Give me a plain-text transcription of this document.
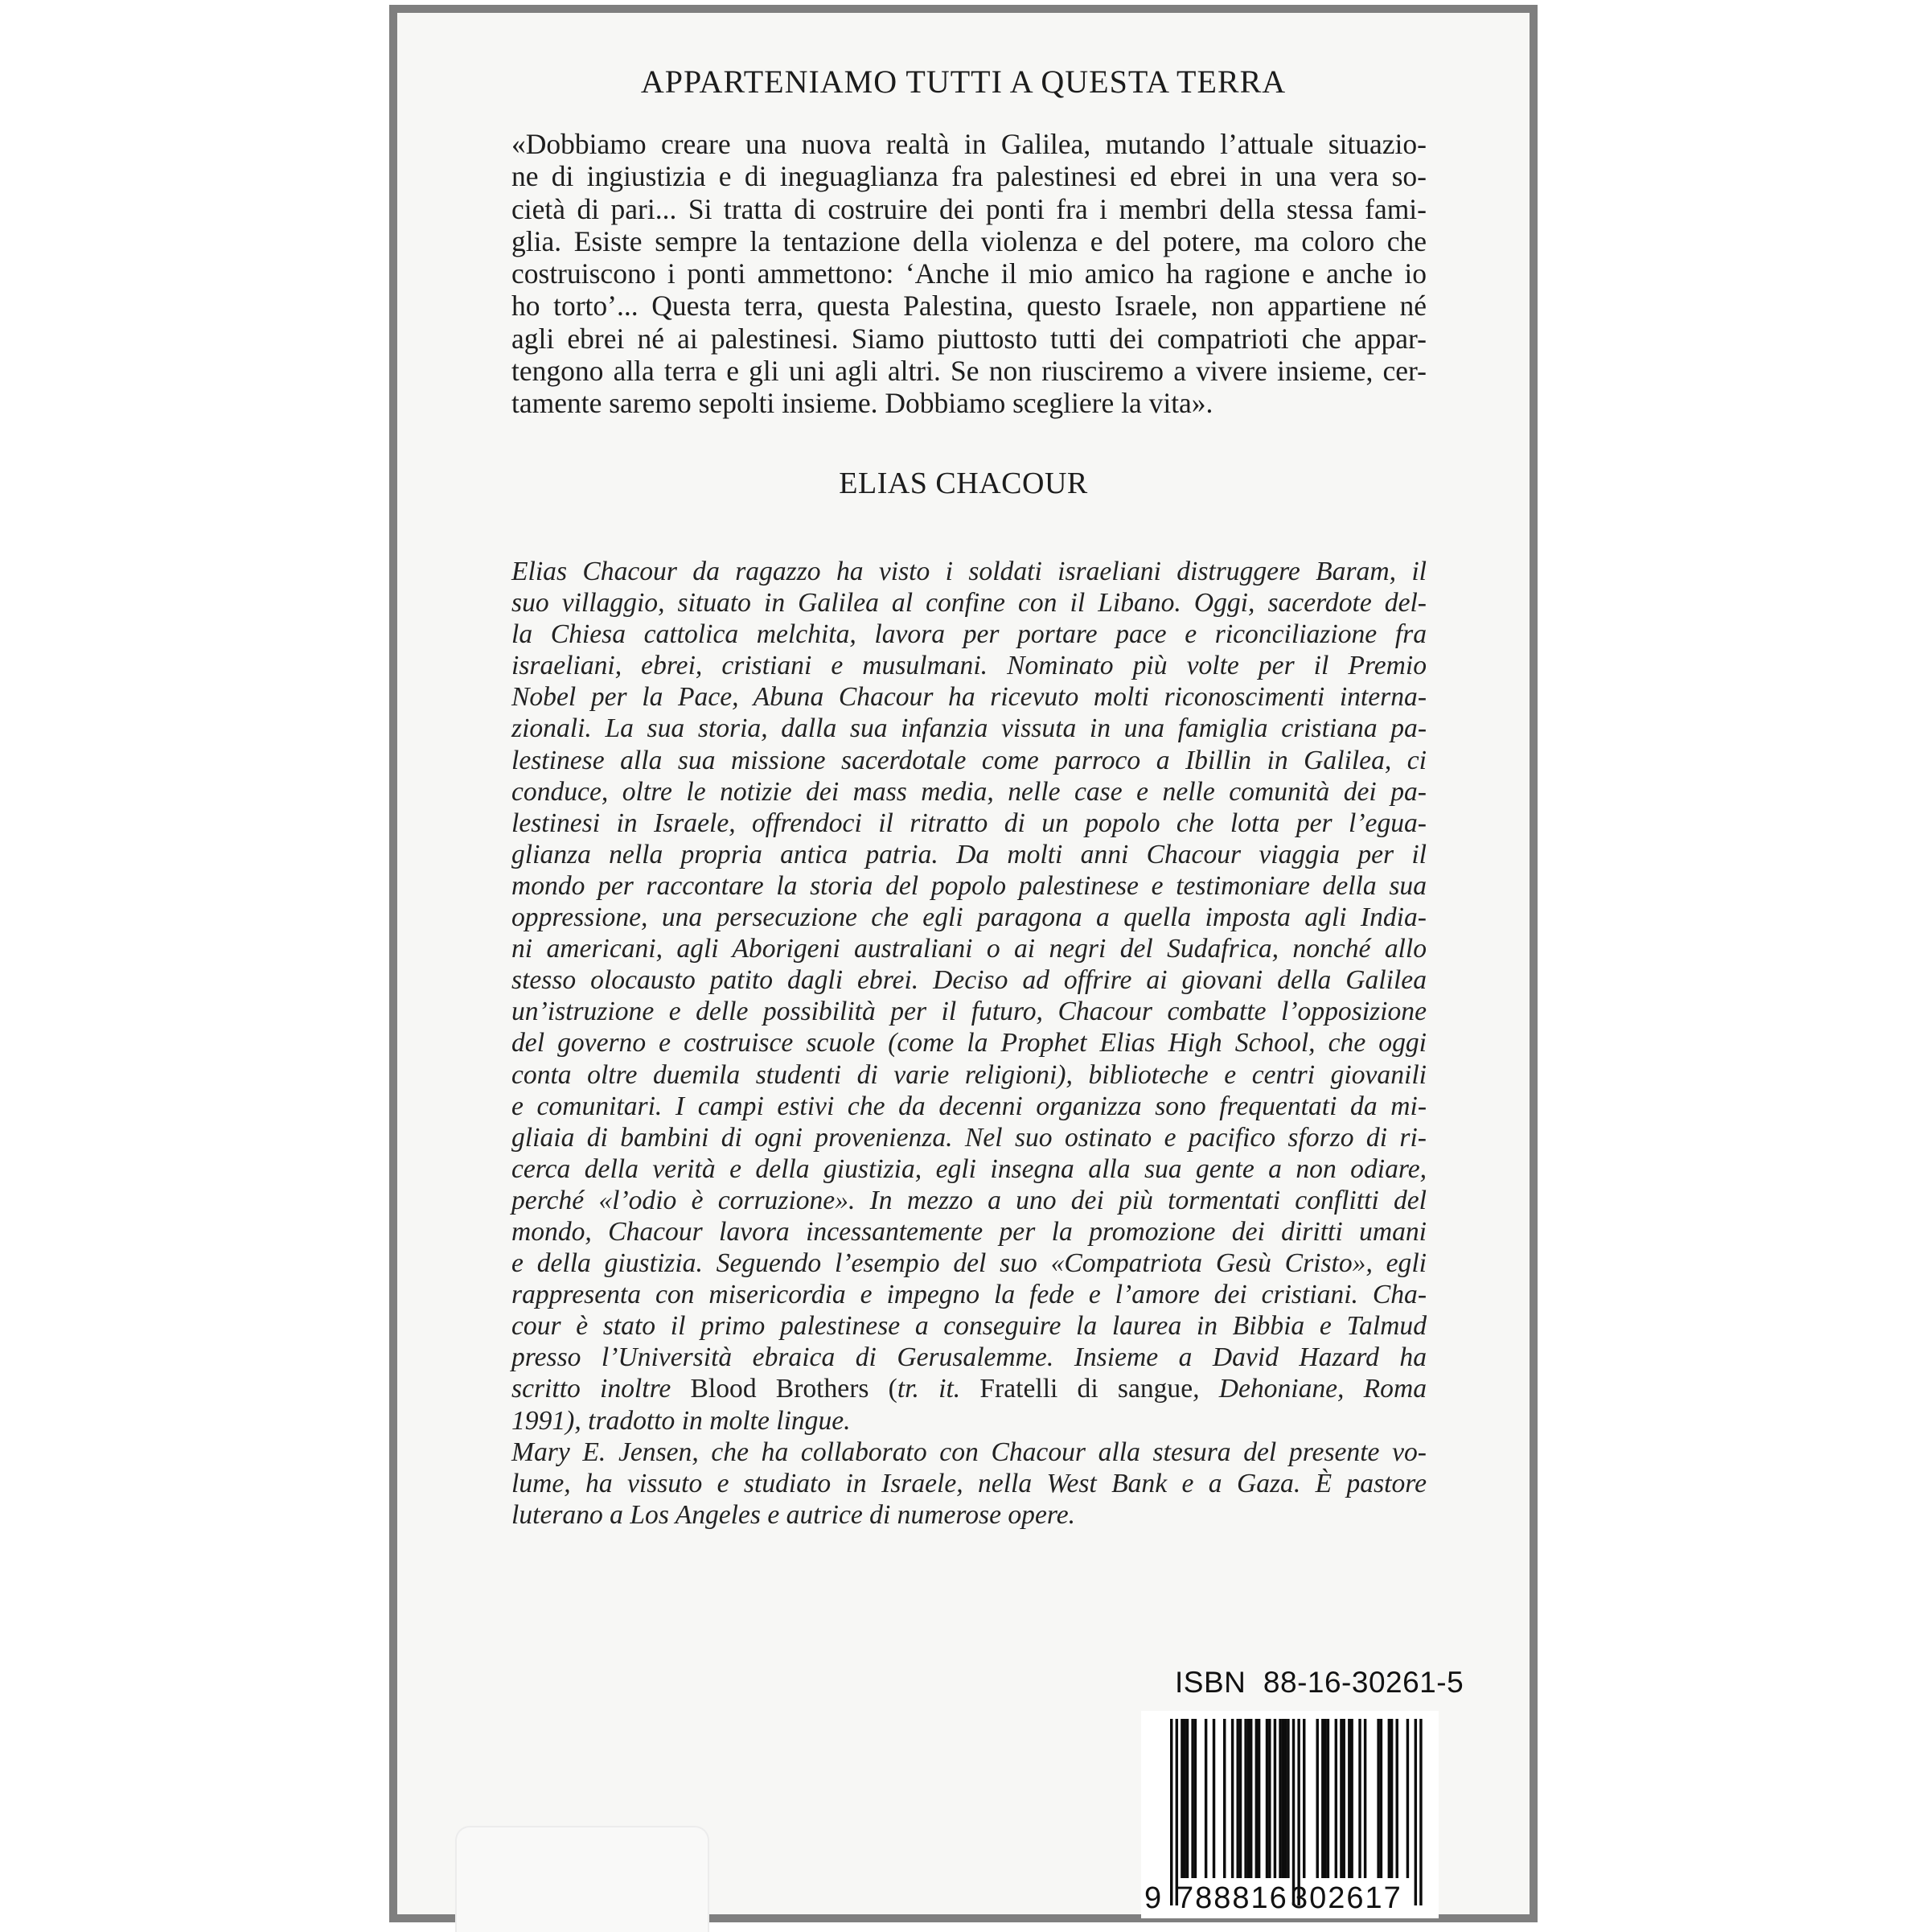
APPARTENIAMO TUTTI A QUESTA TERRA
«Dobbiamo creare una nuova realtà in Galilea, mutando l’attuale situazio-
ne di ingiustizia e di ineguaglianza fra palestinesi ed ebrei in una vera so-
cietà di pari... Si tratta di costruire dei ponti fra i membri della stessa fami-
glia. Esiste sempre la tentazione della violenza e del potere, ma coloro che
costruiscono i ponti ammettono: ‘Anche il mio amico ha ragione e anche io
ho torto’... Questa terra, questa Palestina, questo Israele, non appartiene né
agli ebrei né ai palestinesi. Siamo piuttosto tutti dei compatrioti che appar-
tengono alla terra e gli uni agli altri. Se non riusciremo a vivere insieme, cer-
tamente saremo sepolti insieme. Dobbiamo scegliere la vita».
ELIAS CHACOUR
Elias Chacour da ragazzo ha visto i soldati israeliani distruggere Baram, il
suo villaggio, situato in Galilea al confine con il Libano. Oggi, sacerdote del-
la Chiesa cattolica melchita, lavora per portare pace e riconciliazione fra
israeliani, ebrei, cristiani e musulmani. Nominato più volte per il Premio
Nobel per la Pace, Abuna Chacour ha ricevuto molti riconoscimenti interna-
zionali. La sua storia, dalla sua infanzia vissuta in una famiglia cristiana pa-
lestinese alla sua missione sacerdotale come parroco a Ibillin in Galilea, ci
conduce, oltre le notizie dei mass media, nelle case e nelle comunità dei pa-
lestinesi in Israele, offrendoci il ritratto di un popolo che lotta per l’egua-
glianza nella propria antica patria. Da molti anni Chacour viaggia per il
mondo per raccontare la storia del popolo palestinese e testimoniare della sua
oppressione, una persecuzione che egli paragona a quella imposta agli India-
ni americani, agli Aborigeni australiani o ai negri del Sudafrica, nonché allo
stesso olocausto patito dagli ebrei. Deciso ad offrire ai giovani della Galilea
un’istruzione e delle possibilità per il futuro, Chacour combatte l’opposizione
del governo e costruisce scuole (come la Prophet Elias High School, che oggi
conta oltre duemila studenti di varie religioni), biblioteche e centri giovanili
e comunitari. I campi estivi che da decenni organizza sono frequentati da mi-
gliaia di bambini di ogni provenienza. Nel suo ostinato e pacifico sforzo di ri-
cerca della verità e della giustizia, egli insegna alla sua gente a non odiare,
perché «l’odio è corruzione». In mezzo a uno dei più tormentati conflitti del
mondo, Chacour lavora incessantemente per la promozione dei diritti umani
e della giustizia. Seguendo l’esempio del suo «Compatriota Gesù Cristo», egli
rappresenta con misericordia e impegno la fede e l’amore dei cristiani. Cha-
cour è stato il primo palestinese a conseguire la laurea in Bibbia e Talmud
presso l’Università ebraica di Gerusalemme. Insieme a David Hazard ha
scritto inoltre Blood Brothers (tr. it. Fratelli di sangue, Dehoniane, Roma
1991), tradotto in molte lingue.
Mary E. Jensen, che ha collaborato con Chacour alla stesura del presente vo-
lume, ha vissuto e studiato in Israele, nella West Bank e a Gaza. È pastore
luterano a Los Angeles e autrice di numerose opere.
ISBN 88-16-30261-5
9 788816 302617
